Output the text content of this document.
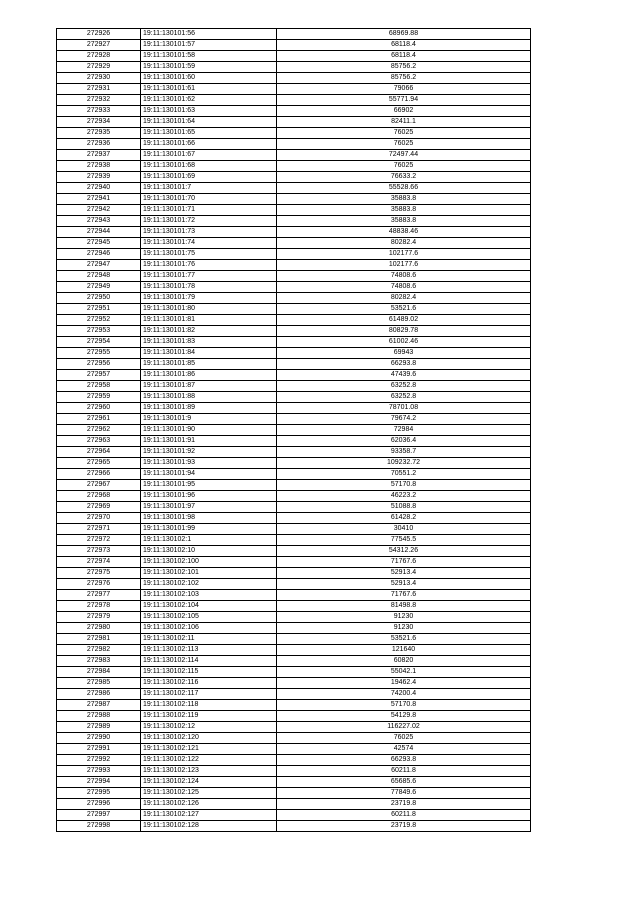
272926	19:11:130101:56	68969.88
272927	19:11:130101:57	68118.4
272928	19:11:130101:58	68118.4
272929	19:11:130101:59	85756.2
272930	19:11:130101:60	85756.2
272931	19:11:130101:61	79066
272932	19:11:130101:62	55771.94
272933	19:11:130101:63	66902
272934	19:11:130101:64	82411.1
272935	19:11:130101:65	76025
272936	19:11:130101:66	76025
272937	19:11:130101:67	72497.44
272938	19:11:130101:68	76025
272939	19:11:130101:69	76633.2
272940	19:11:130101:7	55528.66
272941	19:11:130101:70	35883.8
272942	19:11:130101:71	35883.8
272943	19:11:130101:72	35883.8
272944	19:11:130101:73	48838.46
272945	19:11:130101:74	80282.4
272946	19:11:130101:75	102177.6
272947	19:11:130101:76	102177.6
272948	19:11:130101:77	74808.6
272949	19:11:130101:78	74808.6
272950	19:11:130101:79	80282.4
272951	19:11:130101:80	53521.6
272952	19:11:130101:81	61489.02
272953	19:11:130101:82	80829.78
272954	19:11:130101:83	61002.46
272955	19:11:130101:84	69943
272956	19:11:130101:85	66293.8
272957	19:11:130101:86	47439.6
272958	19:11:130101:87	63252.8
272959	19:11:130101:88	63252.8
272960	19:11:130101:89	78701.08
272961	19:11:130101:9	79674.2
272962	19:11:130101:90	72984
272963	19:11:130101:91	62036.4
272964	19:11:130101:92	93358.7
272965	19:11:130101:93	109232.72
272966	19:11:130101:94	70551.2
272967	19:11:130101:95	57170.8
272968	19:11:130101:96	46223.2
272969	19:11:130101:97	51088.8
272970	19:11:130101:98	61428.2
272971	19:11:130101:99	30410
272972	19:11:130102:1	77545.5
272973	19:11:130102:10	54312.26
272974	19:11:130102:100	71767.6
272975	19:11:130102:101	52913.4
272976	19:11:130102:102	52913.4
272977	19:11:130102:103	71767.6
272978	19:11:130102:104	81498.8
272979	19:11:130102:105	91230
272980	19:11:130102:106	91230
272981	19:11:130102:11	53521.6
272982	19:11:130102:113	121640
272983	19:11:130102:114	60820
272984	19:11:130102:115	55042.1
272985	19:11:130102:116	19462.4
272986	19:11:130102:117	74200.4
272987	19:11:130102:118	57170.8
272988	19:11:130102:119	54129.8
272989	19:11:130102:12	116227.02
272990	19:11:130102:120	76025
272991	19:11:130102:121	42574
272992	19:11:130102:122	66293.8
272993	19:11:130102:123	60211.8
272994	19:11:130102:124	65685.6
272995	19:11:130102:125	77849.6
272996	19:11:130102:126	23719.8
272997	19:11:130102:127	60211.8
272998	19:11:130102:128	23719.8
